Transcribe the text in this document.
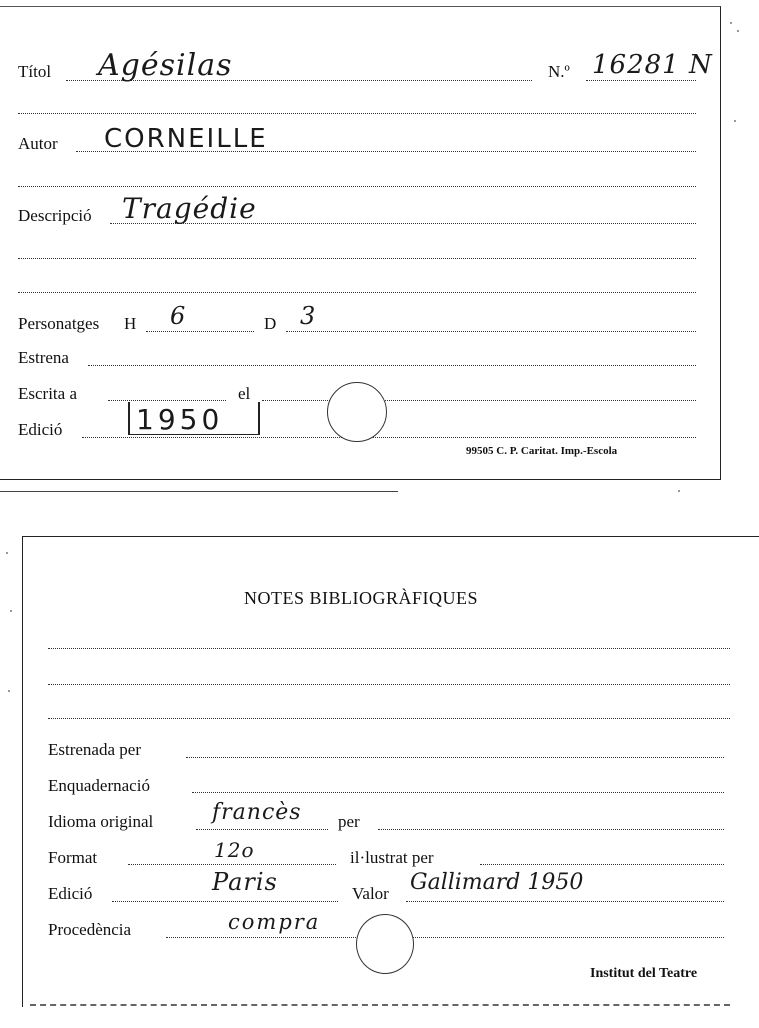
Títol Agésilas	N.º 16281 N
Autor CORNEILLE
Descripció Tragédie
Personatges H 6	D 3
Estrena
Escrita a	el
Edició	1950
99505 C. P. Caritat. Imp.-Escola
NOTES BIBLIOGRÀFIQUES
Estrenada per
Enquadernació
Idioma original	francès per
Format	12o	il·lustrat per
Edició	Paris	Valor Gallimard 1950
Procedència	compra
Institut del Teatre
